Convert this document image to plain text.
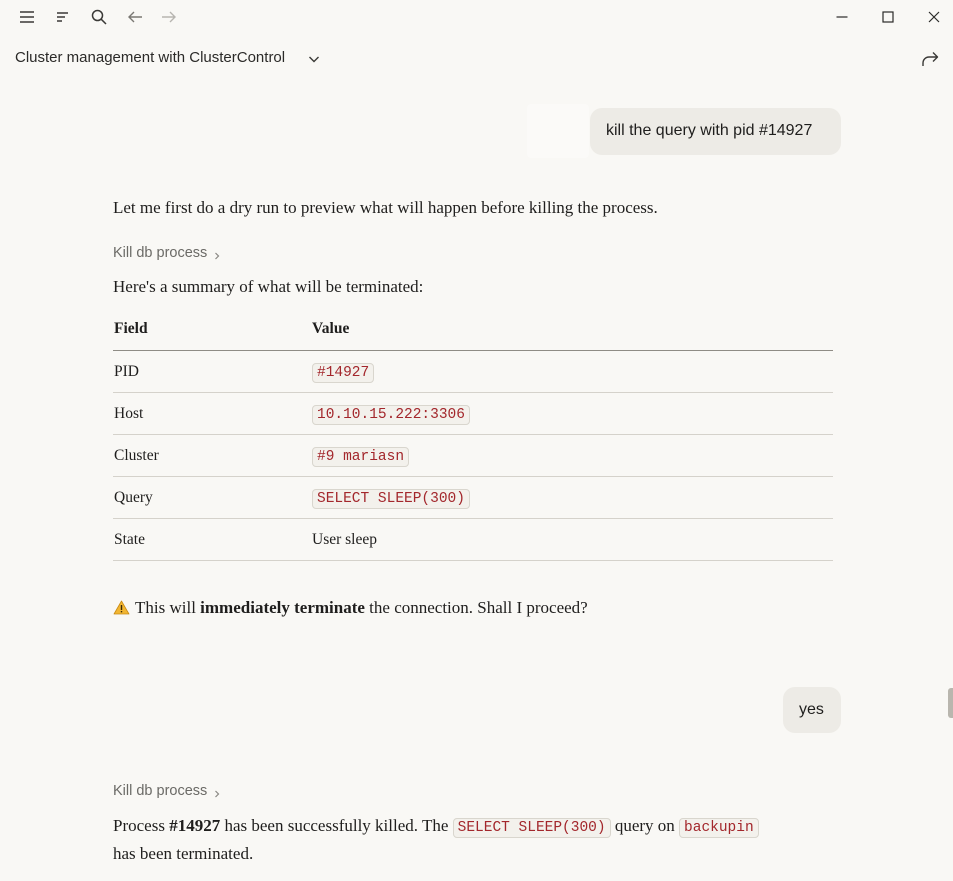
Cluster management with ClusterControl
kill the query with pid #14927
Let me first do a dry run to preview what will happen before killing the process.
Kill db process
Here's a summary of what will be terminated:
Field	Value
PID	#14927
Host	10.10.15.222:3306
Cluster	#9 mariasn
Query	SELECT SLEEP(300)
State	User sleep
This will immediately terminate the connection. Shall I proceed?
yes
Kill db process
Process #14927 has been successfully killed. The SELECT SLEEP(300) query on backupin
has been terminated.
